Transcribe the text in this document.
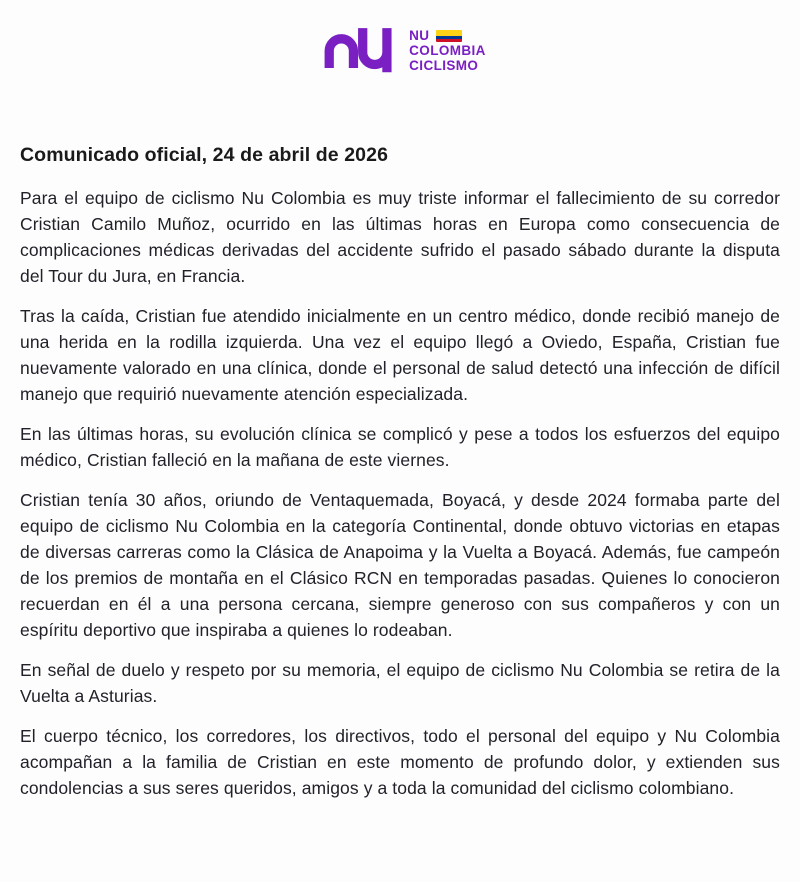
NU
COLOMBIA
CICLISMO
Comunicado oficial, 24 de abril de 2026

Para el equipo de ciclismo Nu Colombia es muy triste informar el fallecimiento de su corredor Cristian Camilo Muñoz, ocurrido en las últimas horas en Europa como consecuencia de complicaciones médicas derivadas del accidente sufrido el pasado sábado durante la disputa del Tour du Jura, en Francia.

Tras la caída, Cristian fue atendido inicialmente en un centro médico, donde recibió manejo de una herida en la rodilla izquierda. Una vez el equipo llegó a Oviedo, España, Cristian fue nuevamente valorado en una clínica, donde el personal de salud detectó una infección de difícil manejo que requirió nuevamente atención especializada.

En las últimas horas, su evolución clínica se complicó y pese a todos los esfuerzos del equipo médico, Cristian falleció en la mañana de este viernes.

Cristian tenía 30 años, oriundo de Ventaquemada, Boyacá, y desde 2024 formaba parte del equipo de ciclismo Nu Colombia en la categoría Continental, donde obtuvo victorias en etapas de diversas carreras como la Clásica de Anapoima y la Vuelta a Boyacá. Además, fue campeón de los premios de montaña en el Clásico RCN en temporadas pasadas. Quienes lo conocieron recuerdan en él a una persona cercana, siempre generoso con sus compañeros y con un espíritu deportivo que inspiraba a quienes lo rodeaban.

En señal de duelo y respeto por su memoria, el equipo de ciclismo Nu Colombia se retira de la Vuelta a Asturias.

El cuerpo técnico, los corredores, los directivos, todo el personal del equipo y Nu Colombia acompañan a la familia de Cristian en este momento de profundo dolor, y extienden sus condolencias a sus seres queridos, amigos y a toda la comunidad del ciclismo colombiano.
